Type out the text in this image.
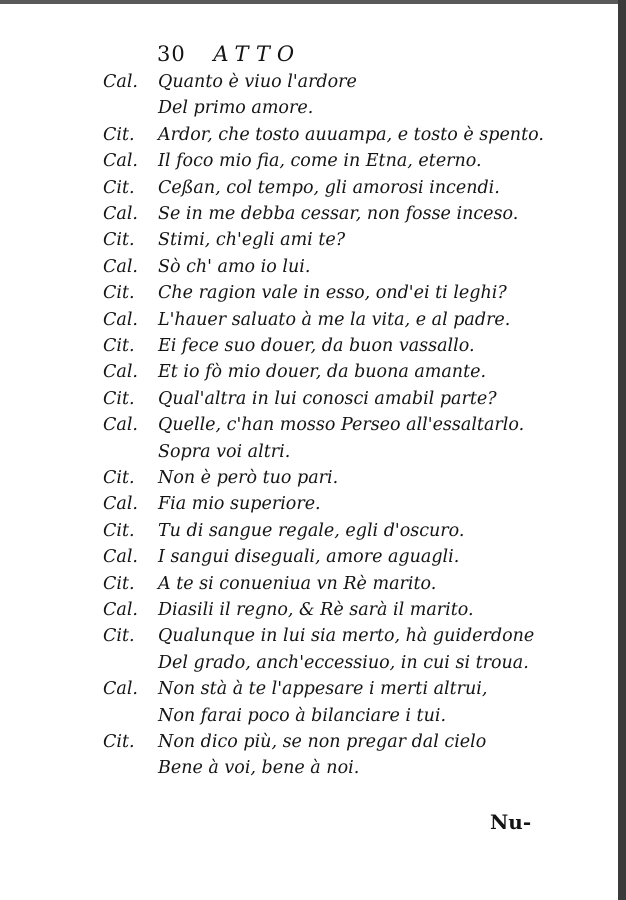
30 ATTO
Cal.	Quanto è viuo l'ardore
Del primo amore.
Cit.	Ardor, che tosto auuampa, e tosto è spento.
Cal.	Il foco mio fia, come in Etna, eterno.
Cit.	Ceßan, col tempo, gli amorosi incendi.
Cal.	Se in me debba cessar, non fosse inceso.
Cit.	Stimi, ch'egli ami te?
Cal.	Sò ch' amo io lui.
Cit.	Che ragion vale in esso, ond'ei ti leghi?
Cal.	L'hauer saluato à me la vita, e al padre.
Cit.	Ei fece suo douer, da buon vassallo.
Cal.	Et io fò mio douer, da buona amante.
Cit.	Qual'altra in lui conosci amabil parte?
Cal.	Quelle, c'han mosso Perseo all'essaltarlo.
Sopra voi altri.
Cit.	Non è però tuo pari.
Cal.	Fia mio superiore.
Cit.	Tu di sangue regale, egli d'oscuro.
Cal.	I sangui diseguali, amore aguagli.
Cit.	A te si conueniua vn Rè marito.
Cal.	Diasili il regno, & Rè sarà il marito.
Cit.	Qualunque in lui sia merto, hà guiderdone
Del grado, anch'eccessiuo, in cui si troua.
Cal.	Non stà à te l'appesare i merti altrui,
Non farai poco à bilanciare i tui.
Cit.	Non dico più, se non pregar dal cielo
Bene à voi, bene à noi.
Nu-
